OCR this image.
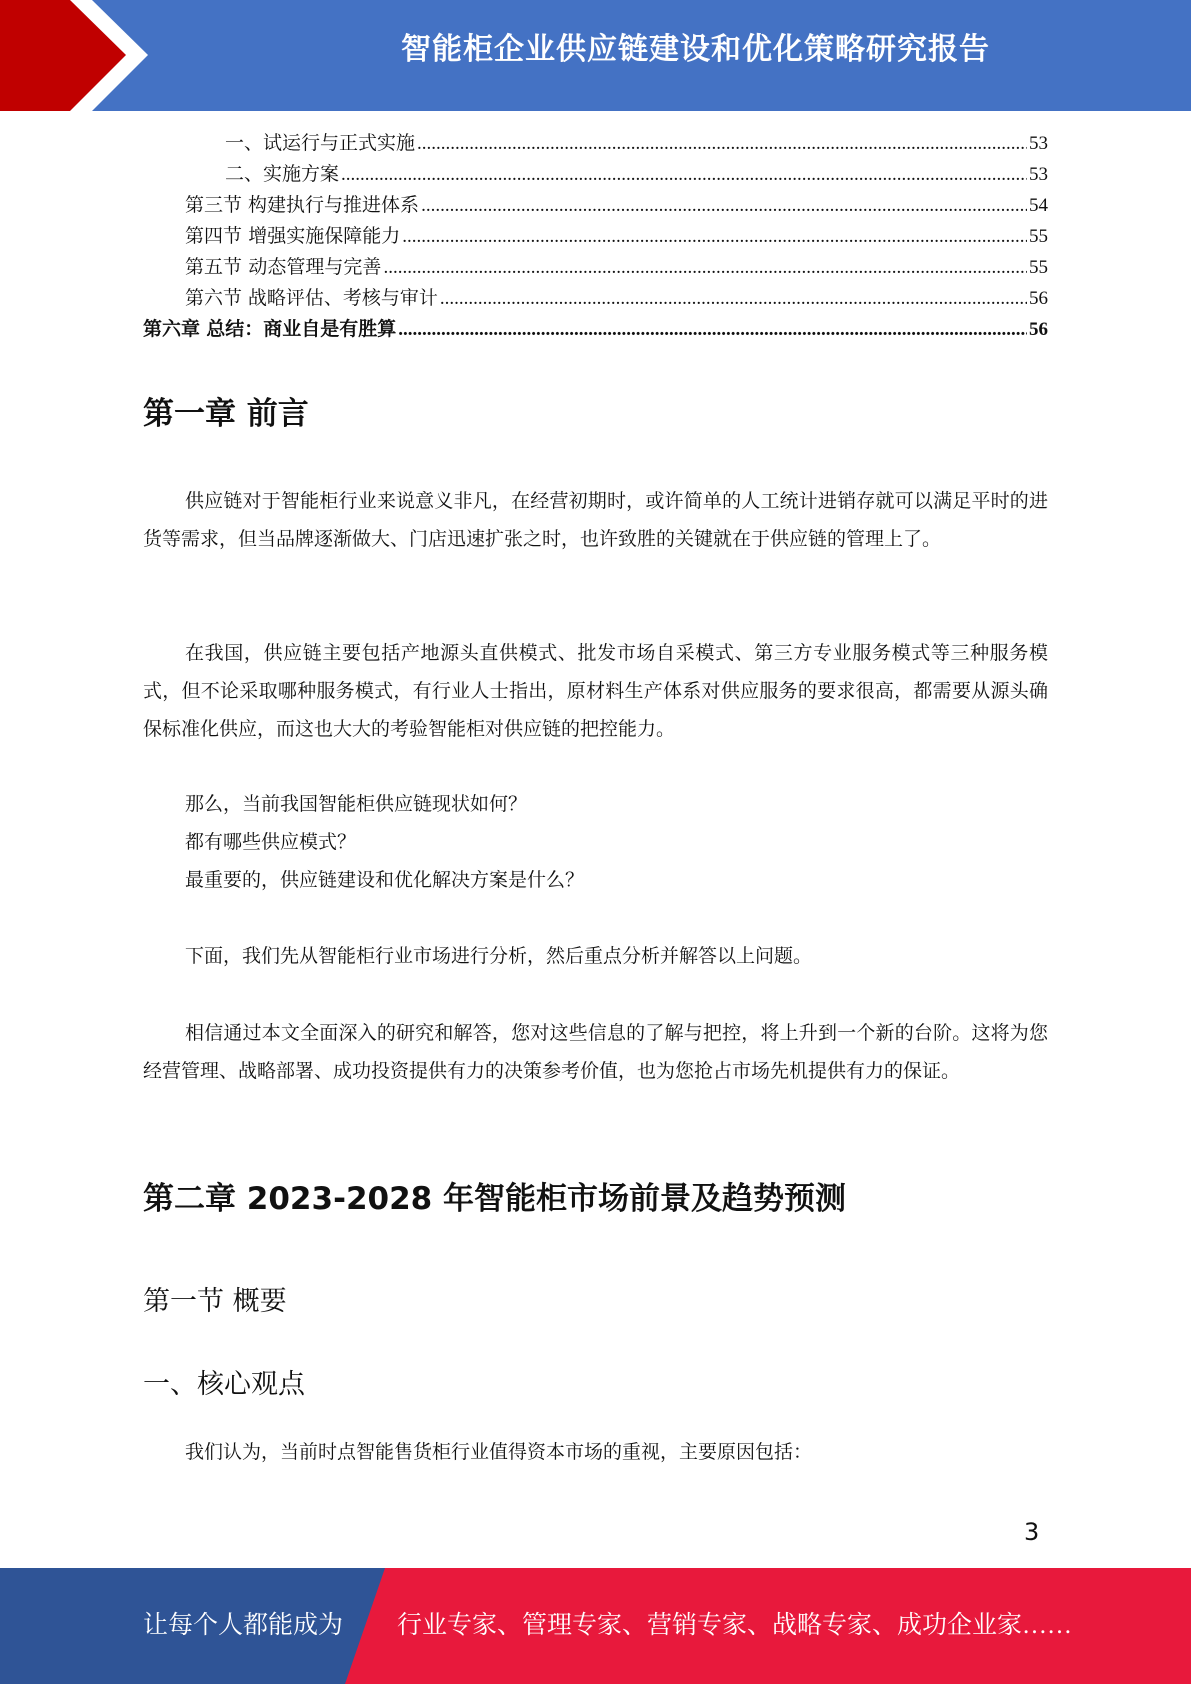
智能柜企业供应链建设和优化策略研究报告
一、试运行与正式实施 .....	53
二、实施方案 .....	53
第三节 构建执行与推进体系 .....	54
第四节 增强实施保障能力 .....	55
第五节 动态管理与完善 .....	55
第六节 战略评估、考核与审计 .....	56
第六章 总结：商业自是有胜算 .....	56
第一章 前言

供应链对于智能柜行业来说意义非凡，在经营初期时，或许简单的人工统计进销存就可以满足平时的进货等需求，但当品牌逐渐做大、门店迅速扩张之时，也许致胜的关键就在于供应链的管理上了。

在我国，供应链主要包括产地源头直供模式、批发市场自采模式、第三方专业服务模式等三种服务模式，但不论采取哪种服务模式，有行业人士指出，原材料生产体系对供应服务的要求很高，都需要从源头确保标准化供应，而这也大大的考验智能柜对供应链的把控能力。

那么，当前我国智能柜供应链现状如何？
都有哪些供应模式？
最重要的，供应链建设和优化解决方案是什么？

下面，我们先从智能柜行业市场进行分析，然后重点分析并解答以上问题。

相信通过本文全面深入的研究和解答，您对这些信息的了解与把控，将上升到一个新的台阶。这将为您经营管理、战略部署、成功投资提供有力的决策参考价值，也为您抢占市场先机提供有力的保证。

第二章 2023-2028 年智能柜市场前景及趋势预测
第一节 概要
一、核心观点

我们认为，当前时点智能售货柜行业值得资本市场的重视，主要原因包括：

3
让每个人都能成为 行业专家、管理专家、营销专家、战略专家、成功企业家……
